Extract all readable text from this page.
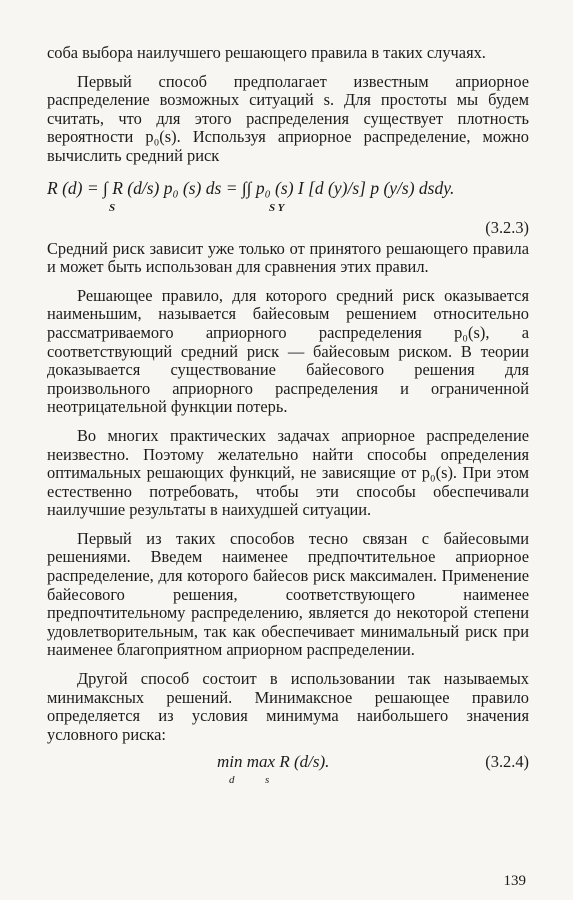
соба выбора наилучшего решающего правила в таких случаях.

Первый способ предполагает известным априорное распределение возможных ситуаций s. Для простоты мы будем считать, что для этого распределения существует плотность вероятности p₀(s). Используя априорное распределение, можно вычислить средний риск

R (d) = ∫ R (d/s) p₀ (s) ds = ∫∫ p₀ (s) I [d (y)/s] p (y/s) dsdy.
S	S Y
(3.2.3)

Средний риск зависит уже только от принятого решающего правила и может быть использован для сравнения этих правил.

Решающее правило, для которого средний риск оказывается наименьшим, называется байесовым решением относительно рассматриваемого априорного распределения p₀(s), а соответствующий средний риск — байесовым риском. В теории доказывается существование байесового решения для произвольного априорного распределения и ограниченной неотрицательной функции потерь.

Во многих практических задачах априорное распределение неизвестно. Поэтому желательно найти способы определения оптимальных решающих функций, не зависящие от p₀(s). При этом естественно потребовать, чтобы эти способы обеспечивали наилучшие результаты в наихудшей ситуации.

Первый из таких способов тесно связан с байесовыми решениями. Введем наименее предпочтительное априорное распределение, для которого байесов риск максимален. Применение байесового решения, соответствующего наименее предпочтительному распределению, является до некоторой степени удовлетворительным, так как обеспечивает минимальный риск при наименее благоприятном априорном распределении.

Другой способ состоит в использовании так называемых минимаксных решений. Минимаксное решающее правило определяется из условия минимума наибольшего значения условного риска:

min max R (d/s).
d	s
(3.2.4)
139
